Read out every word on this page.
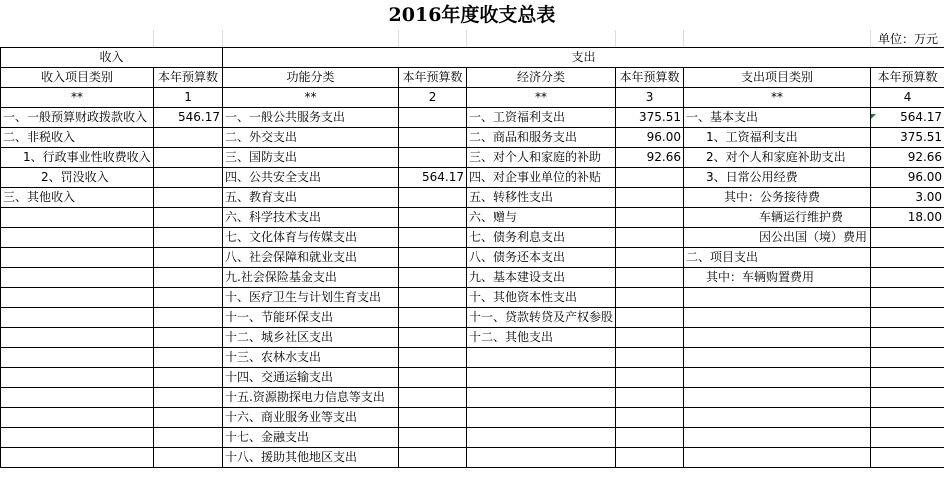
2016年度收支总表
单位：万元
收入		支出					
收入项目类别	本年预算数	功能分类	本年预算数	经济分类	本年预算数	支出项目类别	本年预算数
**	1	**	2	**	3	**	4
一、一般预算财政拨款收入	546.17	一、一般公共服务支出		一、工资福利支出	375.51	一、基本支出	564.17
二、非税收入		二、外交支出		二、商品和服务支出	96.00	1、工资福利支出	375.51
1、行政事业性收费收入		三、国防支出		三、对个人和家庭的补助	92.66	2、对个人和家庭补助支出	92.66
2、罚没收入		四、公共安全支出	564.17	四、对企事业单位的补贴		3、日常公用经费	96.00
三、其他收入		五、教育支出		五、转移性支出		其中：公务接待费	3.00
		六、科学技术支出		六、赠与		车辆运行维护费	18.00
		七、文化体育与传媒支出		七、债务利息支出		因公出国（境）费用	
		八、社会保障和就业支出		八、债务还本支出		二、项目支出	
		九.社会保险基金支出		九、基本建设支出		其中：车辆购置费用	
		十、医疗卫生与计划生育支出		十、其他资本性支出			
		十一、节能环保支出		十一、贷款转贷及产权参股			
		十二、城乡社区支出		十二、其他支出			
		十三、农林水支出					
		十四、交通运输支出					
		十五.资源勘探电力信息等支出					
		十六、商业服务业等支出					
		十七、金融支出					
		十八、援助其他地区支出					
